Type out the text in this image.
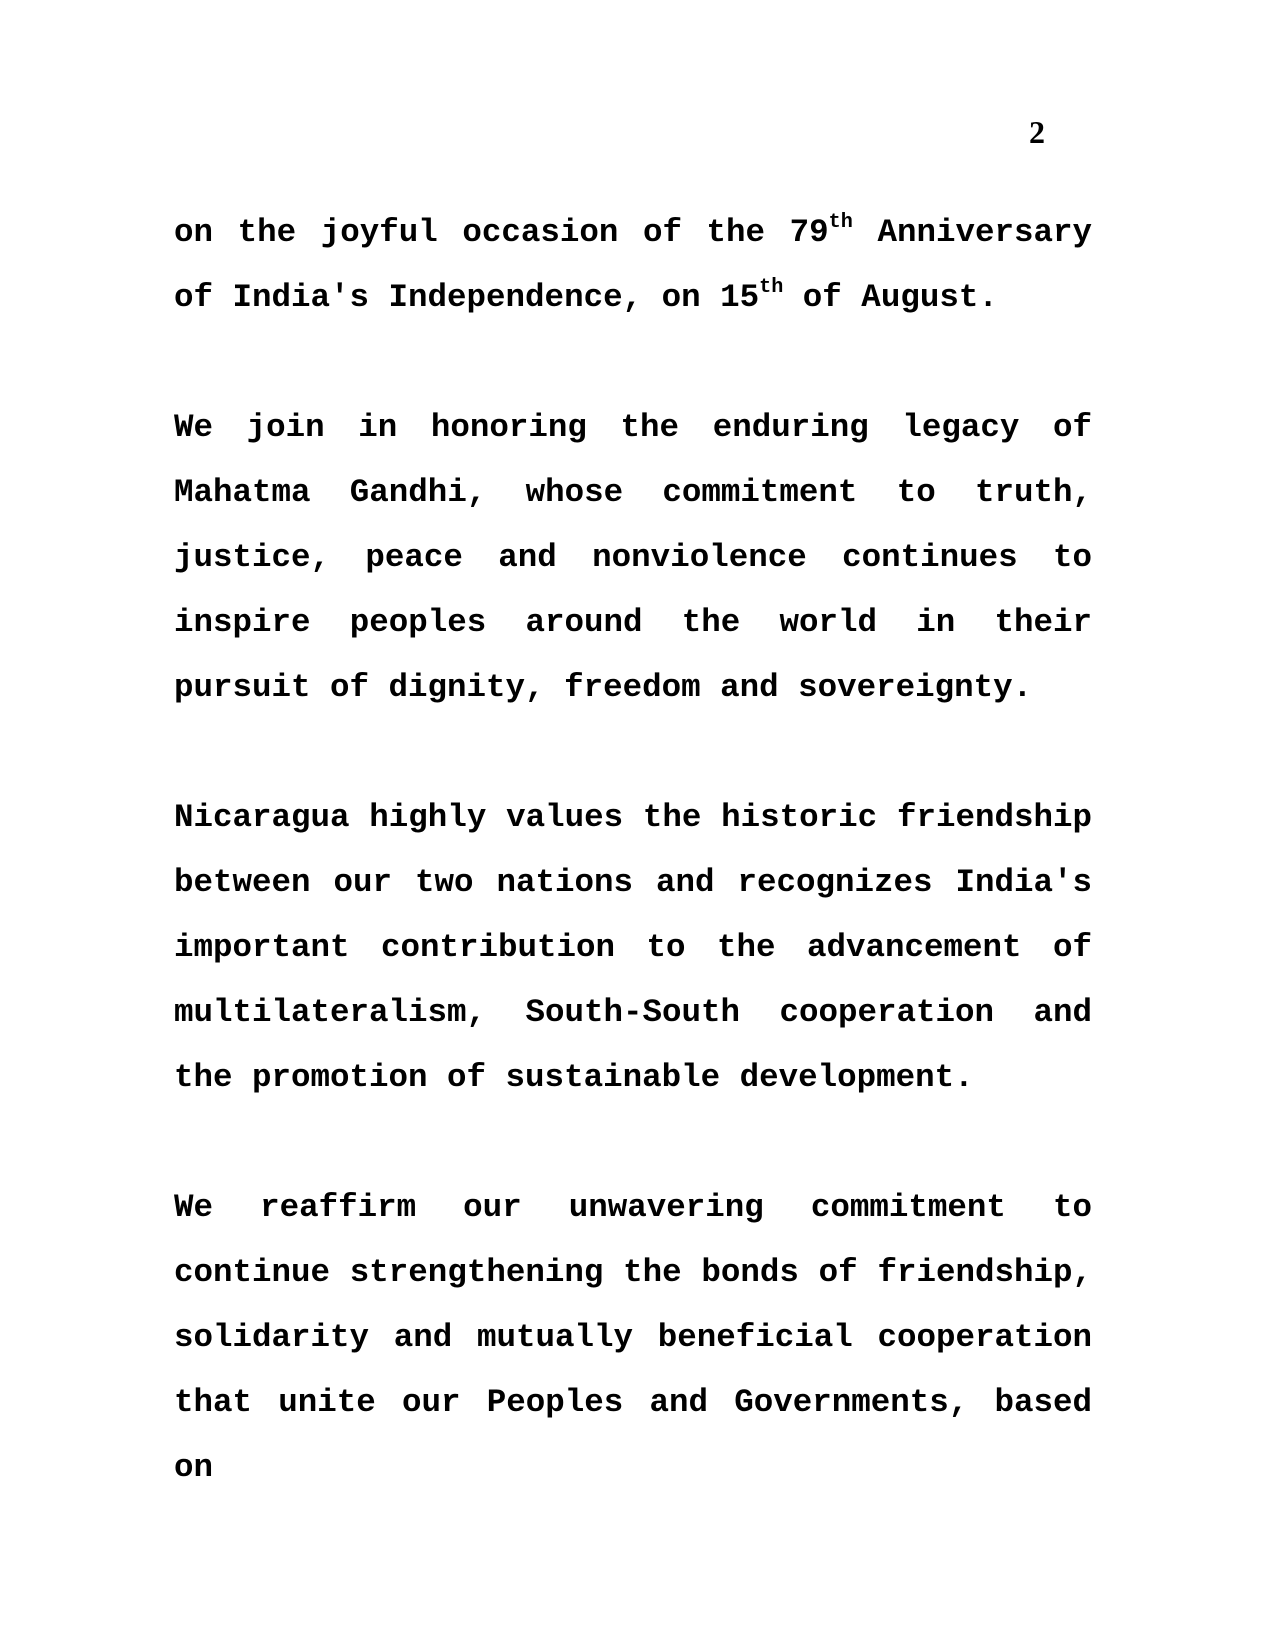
2

on the joyful occasion of the 79th Anniversary of India's Independence, on 15th of August.

We join in honoring the enduring legacy of Mahatma Gandhi, whose commitment to truth, justice, peace and nonviolence continues to inspire peoples around the world in their pursuit of dignity, freedom and sovereignty.

Nicaragua highly values the historic friendship between our two nations and recognizes India's important contribution to the advancement of multilateralism, South-South cooperation and the promotion of sustainable development.

We reaffirm our unwavering commitment to continue strengthening the bonds of friendship, solidarity and mutually beneficial cooperation that unite our Peoples and Governments, based on
